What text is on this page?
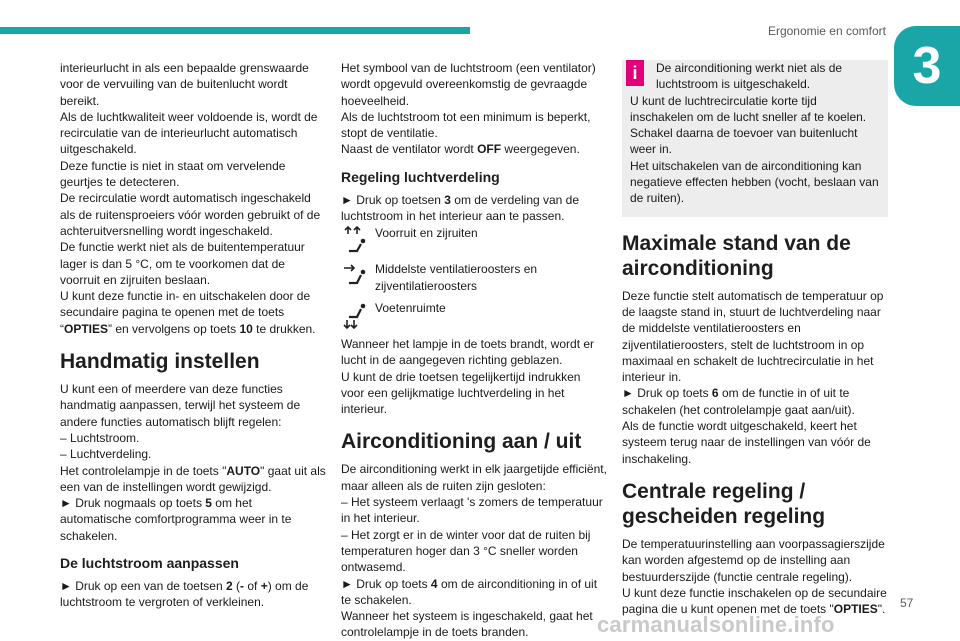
Ergonomie en comfort
3

interieurlucht in als een bepaalde grenswaarde voor de vervuiling van de buitenlucht wordt bereikt.

Als de luchtkwaliteit weer voldoende is, wordt de recirculatie van de interieurlucht automatisch uitgeschakeld.

Deze functie is niet in staat om vervelende geurtjes te detecteren.

De recirculatie wordt automatisch ingeschakeld als de ruitensproeiers vóór worden gebruikt of de achteruitversnelling wordt ingeschakeld.

De functie werkt niet als de buitentemperatuur lager is dan 5 °C, om te voorkomen dat de voorruit en zijruiten beslaan.

U kunt deze functie in- en uitschakelen door de secundaire pagina te openen met de toets “OPTIES” en vervolgens op toets 10 te drukken.

Handmatig instellen

U kunt een of meerdere van deze functies handmatig aanpassen, terwijl het systeem de andere functies automatisch blijft regelen:

– Luchtstroom.

– Luchtverdeling.

Het controlelampje in de toets "AUTO" gaat uit als een van de instellingen wordt gewijzigd.

► Druk nogmaals op toets 5 om het automatische comfortprogramma weer in te schakelen.

De luchtstroom aanpassen

► Druk op een van de toetsen 2 (- of +) om de luchtstroom te vergroten of verkleinen.

Het symbool van de luchtstroom (een ventilator) wordt opgevuld overeenkomstig de gevraagde hoeveelheid.

Als de luchtstroom tot een minimum is beperkt, stopt de ventilatie.

Naast de ventilator wordt OFF weergegeven.

Regeling luchtverdeling

► Druk op toetsen 3 om de verdeling van de luchtstroom in het interieur aan te passen.

Voorruit en zijruiten
Middelste ventilatieroosters en zijventilatieroosters
Voetenruimte

Wanneer het lampje in de toets brandt, wordt er lucht in de aangegeven richting geblazen.

U kunt de drie toetsen tegelijkertijd indrukken voor een gelijkmatige luchtverdeling in het interieur.

Airconditioning aan / uit

De airconditioning werkt in elk jaargetijde efficiënt, maar alleen als de ruiten zijn gesloten:

– Het systeem verlaagt 's zomers de temperatuur in het interieur.

– Het zorgt er in de winter voor dat de ruiten bij temperaturen hoger dan 3 °C sneller worden ontwasemd.

► Druk op toets 4 om de airconditioning in of uit te schakelen.

Wanneer het systeem is ingeschakeld, gaat het controlelampje in de toets branden.

i	De airconditioning werkt niet als de luchtstroom is uitgeschakeld.

U kunt de luchtrecirculatie korte tijd inschakelen om de lucht sneller af te koelen. Schakel daarna de toevoer van buitenlucht weer in.

Het uitschakelen van de airconditioning kan negatieve effecten hebben (vocht, beslaan van de ruiten).

Maximale stand van de airconditioning

Deze functie stelt automatisch de temperatuur op de laagste stand in, stuurt de luchtverdeling naar de middelste ventilatieroosters en zijventilatieroosters, stelt de luchtstroom in op maximaal en schakelt de luchtrecirculatie in het interieur in.

► Druk op toets 6 om de functie in of uit te schakelen (het controlelampje gaat aan/uit).

Als de functie wordt uitgeschakeld, keert het systeem terug naar de instellingen van vóór de inschakeling.

Centrale regeling / gescheiden regeling

De temperatuurinstelling aan voorpassagierszijde kan worden afgestemd op de instelling aan bestuurderszijde (functie centrale regeling).

U kunt deze functie inschakelen op de secundaire pagina die u kunt openen met de toets "OPTIES". 57
carmanualsonline.info
